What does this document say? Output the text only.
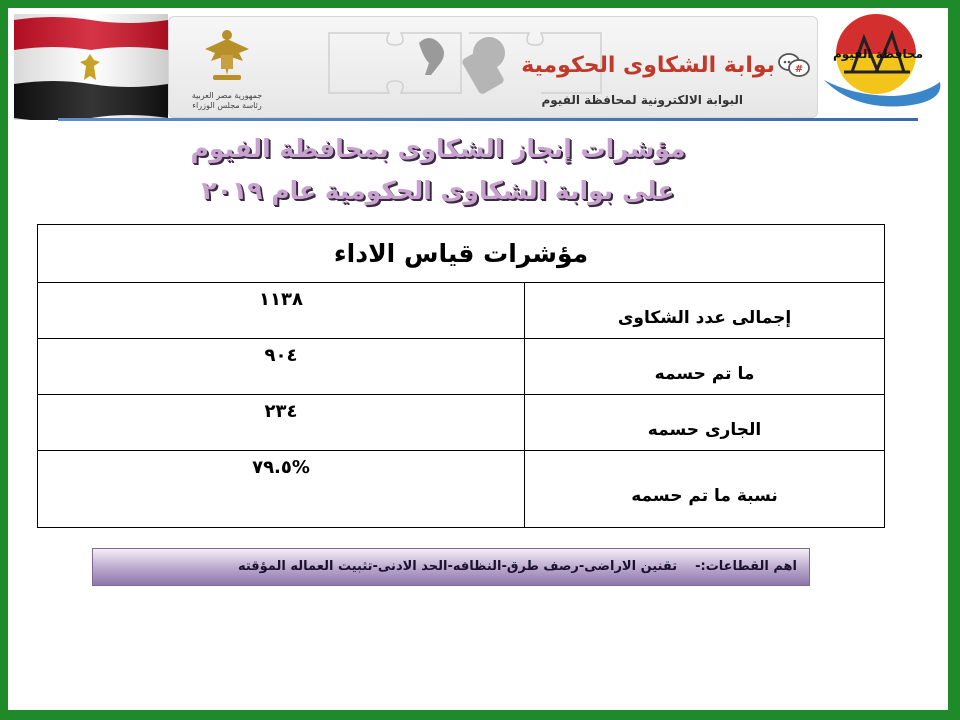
جمهورية مصر العربية
رئاسة مجلس الوزراء
بوابة الشكاوى الحكومية
البوابة الالكترونية لمحافظة الفيوم
#
محافظة الفيوم
مؤشرات إنجاز الشكاوى بمحافظة الفيوم
على بوابة الشكاوى الحكومية عام ٢٠١٩
مؤشرات قياس الاداء	
إجمالى عدد الشكاوى	١١٣٨
ما تم حسمه	٩٠٤
الجارى حسمه	٢٣٤
نسبة ما تم حسمه	%٧٩.٥
اهم القطاعات:-تقنين الاراضى-رصف طرق-النظافه-الحد الادنى-تثبيت العماله المؤقته
